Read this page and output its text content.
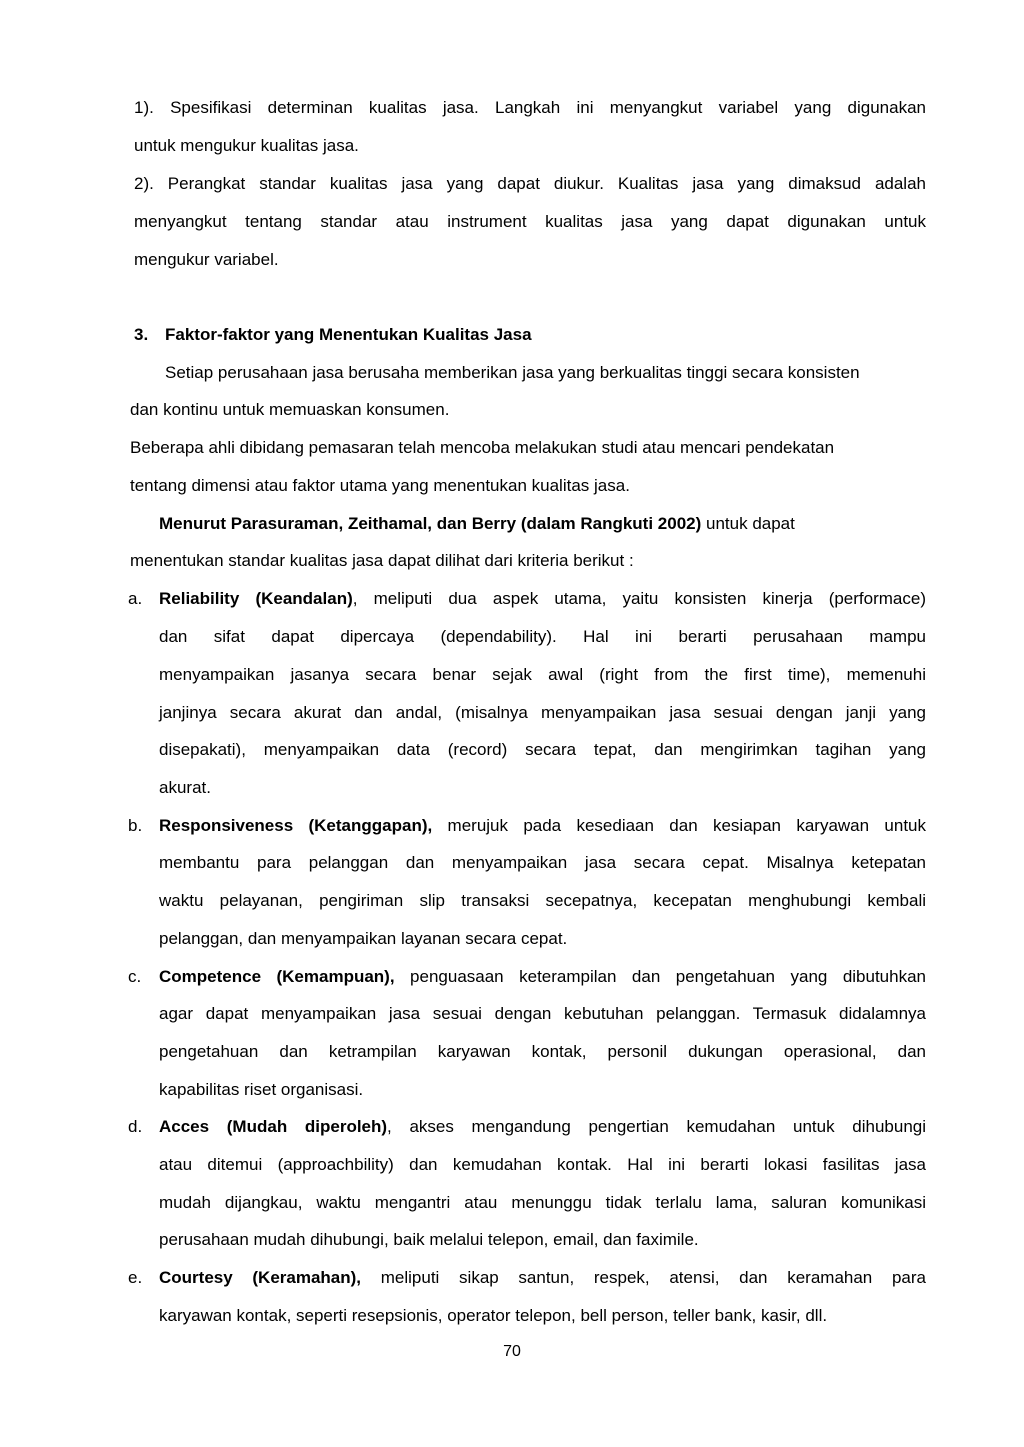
1). Spesifikasi determinan kualitas jasa. Langkah ini menyangkut variabel yang digunakan
untuk mengukur kualitas jasa.
2). Perangkat standar kualitas jasa yang dapat diukur. Kualitas jasa yang dimaksud adalah
menyangkut tentang standar atau instrument kualitas jasa yang dapat digunakan untuk
mengukur variabel.
3. Faktor-faktor yang Menentukan Kualitas Jasa
Setiap perusahaan jasa berusaha memberikan jasa yang berkualitas tinggi secara konsisten
dan kontinu untuk memuaskan konsumen.
Beberapa ahli dibidang pemasaran telah mencoba melakukan studi atau mencari pendekatan
tentang dimensi atau faktor utama yang menentukan kualitas jasa.
Menurut Parasuraman, Zeithamal, dan Berry (dalam Rangkuti 2002) untuk dapat
menentukan standar kualitas jasa dapat dilihat dari kriteria berikut :
a. Reliability (Keandalan), meliputi dua aspek utama, yaitu konsisten kinerja (performace)
dan sifat dapat dipercaya (dependability). Hal ini berarti perusahaan mampu
menyampaikan jasanya secara benar sejak awal (right from the first time), memenuhi
janjinya secara akurat dan andal, (misalnya menyampaikan jasa sesuai dengan janji yang
disepakati), menyampaikan data (record) secara tepat, dan mengirimkan tagihan yang
akurat.
b. Responsiveness (Ketanggapan), merujuk pada kesediaan dan kesiapan karyawan untuk
membantu para pelanggan dan menyampaikan jasa secara cepat. Misalnya ketepatan
waktu pelayanan, pengiriman slip transaksi secepatnya, kecepatan menghubungi kembali
pelanggan, dan menyampaikan layanan secara cepat.
c. Competence (Kemampuan), penguasaan keterampilan dan pengetahuan yang dibutuhkan
agar dapat menyampaikan jasa sesuai dengan kebutuhan pelanggan. Termasuk didalamnya
pengetahuan dan ketrampilan karyawan kontak, personil dukungan operasional, dan
kapabilitas riset organisasi.
d. Acces (Mudah diperoleh), akses mengandung pengertian kemudahan untuk dihubungi
atau ditemui (approachbility) dan kemudahan kontak. Hal ini berarti lokasi fasilitas jasa
mudah dijangkau, waktu mengantri atau menunggu tidak terlalu lama, saluran komunikasi
perusahaan mudah dihubungi, baik melalui telepon, email, dan faximile.
e. Courtesy (Keramahan), meliputi sikap santun, respek, atensi, dan keramahan para
karyawan kontak, seperti resepsionis, operator telepon, bell person, teller bank, kasir, dll.
70
